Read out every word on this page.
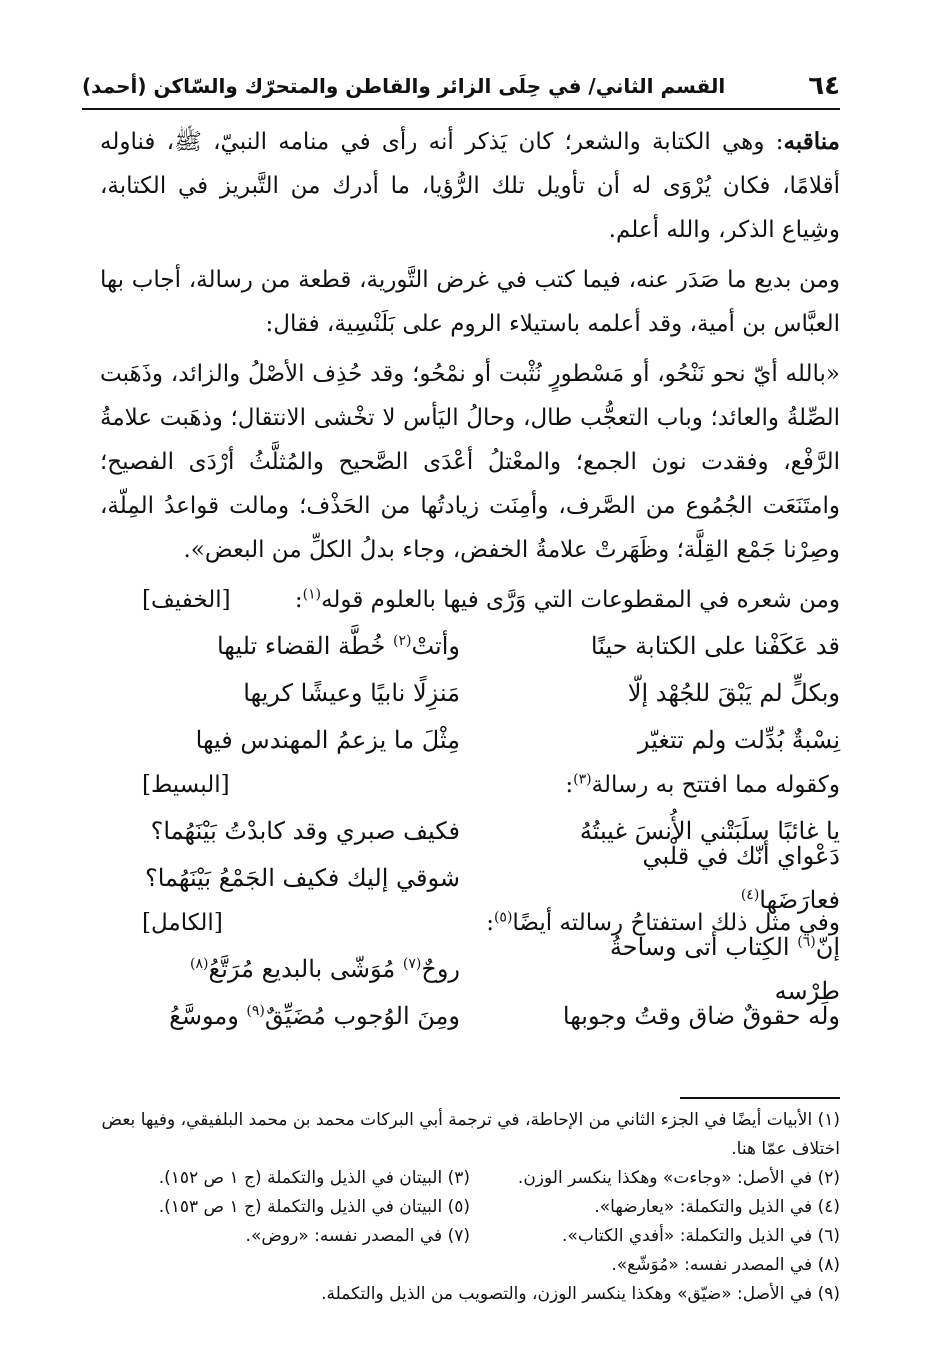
٦٤
القسم الثاني/ في حِلَى الزائر والقاطن والمتحرّك والسّاكن (أحمد)

مناقبه: وهي الكتابة والشعر؛ كان يَذكر أنه رأى في منامه النبيّ، ﷺ، فناوله أقلامًا، فكان يُرْوَى له أن تأويل تلك الرُّؤيا، ما أدرك من التَّبريز في الكتابة، وشِياع الذكر، والله أعلم.

ومن بديع ما صَدَر عنه، فيما كتب في غرض التَّورية، قطعة من رسالة، أجاب بها العبَّاس بن أمية، وقد أعلمه باستيلاء الروم على بَلَنْسِية، فقال:

«بالله أيّ نحو نَنْحُو، أو مَسْطورٍ نُثْبت أو نمْحُو؛ وقد حُذِف الأصْلُ والزائد، وذَهَبت الصِّلةُ والعائد؛ وباب التعجُّب طال، وحالُ اليَأس لا تخْشى الانتقال؛ وذهَبت علامةُ الرَّفْع، وفقدت نون الجمع؛ والمعْتلُ أعْدَى الصَّحيح والمُثلَّثُ أرْدَى الفصيح؛ وامتَنَعَت الجُمُوع من الصَّرف، وأمِنَت زيادتُها من الحَذْف؛ ومالت قواعدُ المِلّة، وصِرْنا جَمْع القِلَّة؛ وظَهَرتْ علامةُ الخفض، وجاء بدلُ الكلِّ من البعض».

ومن شعره في المقطوعات التي وَرَّى فيها بالعلوم قوله$^{(١)}$:
[الخفيف]
قد عَكَفْنا على الكتابة حينًا
وأتتْ$^{(٢)}$ خُطَّة القضاء تليها
وبكلٍّ لم يَبْقَ للجُهْد إلّا
مَنزِلًا نابيًا وعيشًا كريها
نِسْبةٌ بُدِّلت ولم تتغيّر
مِثْلَ ما يزعمُ المهندس فيها
وكقوله مما افتتح به رسالة$^{(٣)}$:
[البسيط]
يا غائبًا سلَبَتْني الأُنسَ غيبتُهُ
فكيف صبري وقد كابدْتُ بَيْنَهُما؟
دَعْواي أنّك في قلْبي فعارَضَها$^{(٤)}$
شوقي إليك فكيف الجَمْعُ بَيْنَهُما؟
وفي مثل ذلك استفتاحُ رسالته أيضًا$^{(٥)}$:
[الكامل]
إنّ$^{(٦)}$ الكِتاب أتى وساحةُ طِرْسه
روحٌ$^{(٧)}$ مُوَشّى بالبديع مُرَتَّعُ$^{(٨)}$
وله حقوقٌ ضاق وقتُ وجوبها
ومِنَ الوُجوب مُضَيِّقٌ$^{(٩)}$ وموسَّعُ
(١) الأبيات أيضًا في الجزء الثاني من الإحاطة، في ترجمة أبي البركات محمد بن محمد البلفيقي، وفيها بعض اختلاف عمّا هنا.
(٢) في الأصل: «وجاءت» وهكذا ينكسر الوزن.
(٣) البيتان في الذيل والتكملة (ج ١ ص ١٥٢).
(٤) في الذيل والتكملة: «يعارضها».
(٥) البيتان في الذيل والتكملة (ج ١ ص ١٥٣).
(٦) في الذيل والتكملة: «أفدي الكتاب».
(٧) في المصدر نفسه: «روض».
(٨) في المصدر نفسه: «مُوَشّع».
(٩) في الأصل: «ضيّق» وهكذا ينكسر الوزن، والتصويب من الذيل والتكملة.
